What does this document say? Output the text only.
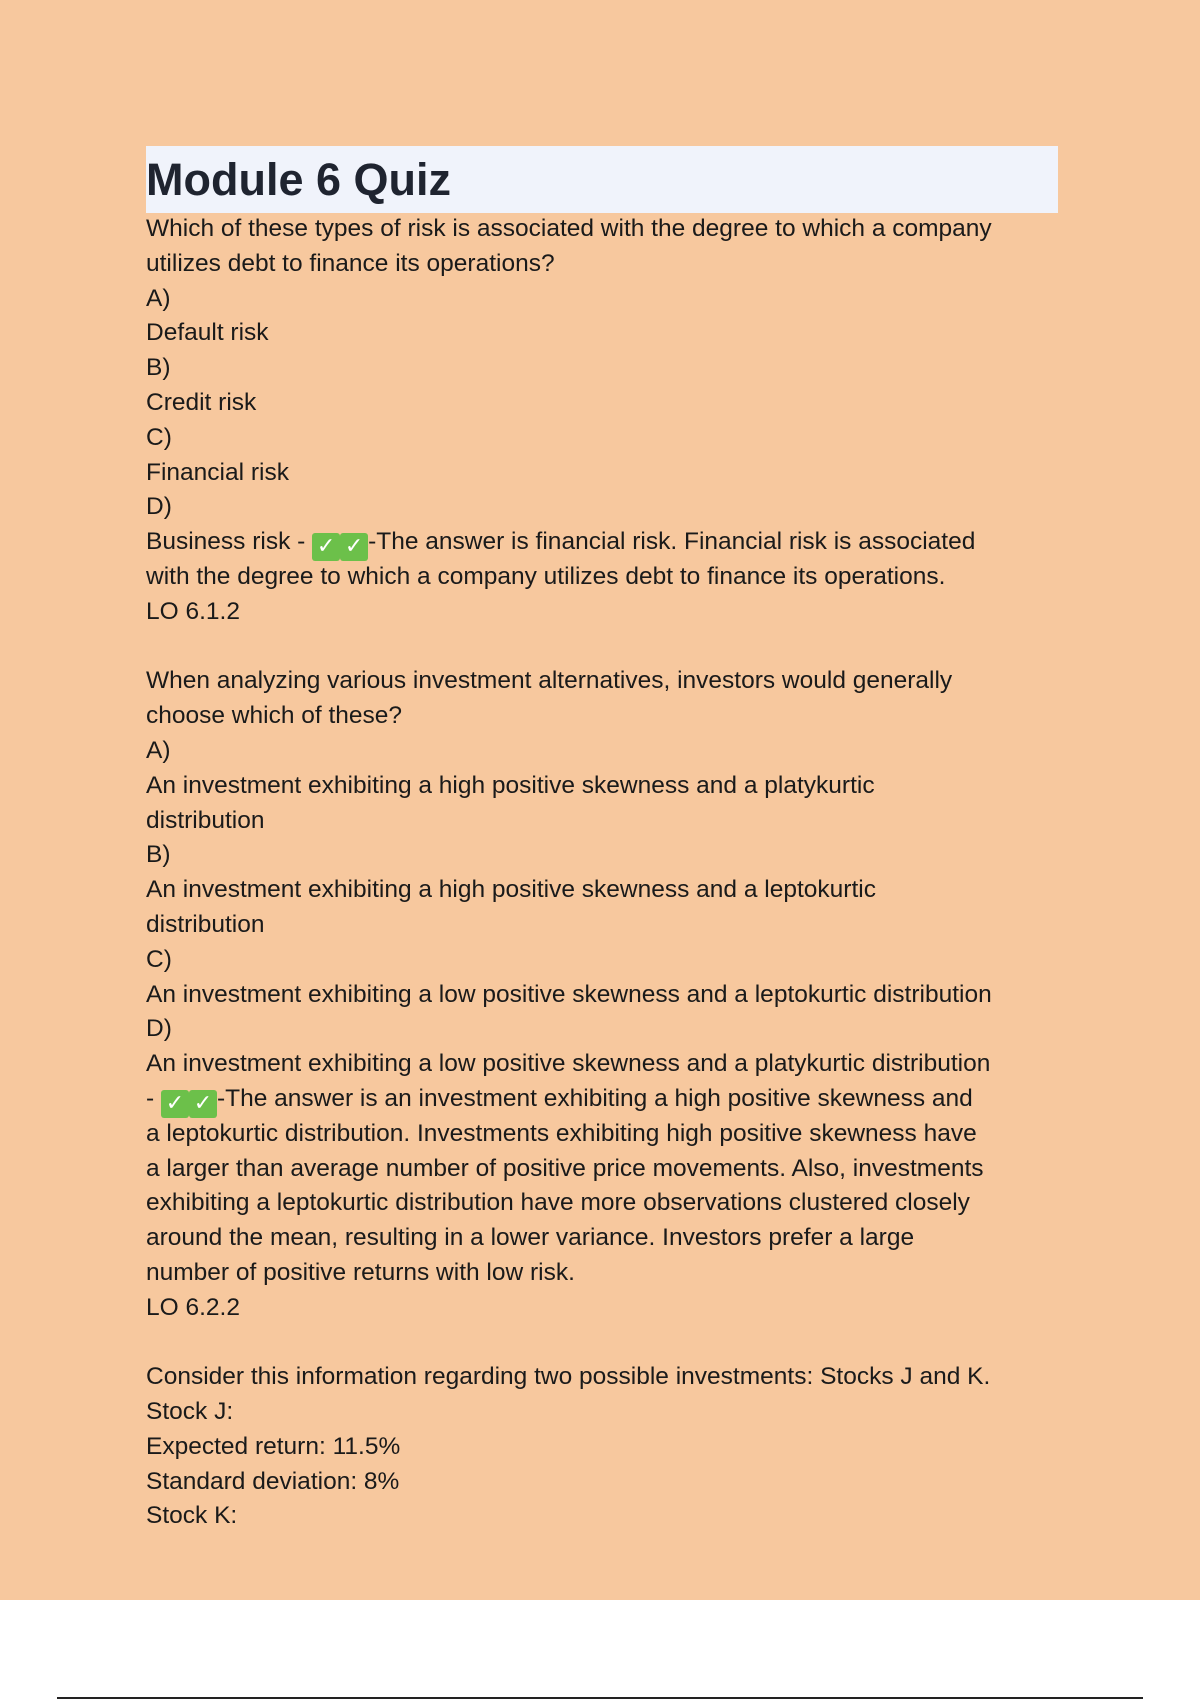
Module 6 Quiz
Which of these types of risk is associated with the degree to which a company
utilizes debt to finance its operations?
A)
Default risk
B)
Credit risk
C)
Financial risk
D)
Business risk - ✓ ✓ -The answer is financial risk. Financial risk is associated
with the degree to which a company utilizes debt to finance its operations.
LO 6.1.2
When analyzing various investment alternatives, investors would generally
choose which of these?
A)
An investment exhibiting a high positive skewness and a platykurtic
distribution
B)
An investment exhibiting a high positive skewness and a leptokurtic
distribution
C)
An investment exhibiting a low positive skewness and a leptokurtic distribution
D)
An investment exhibiting a low positive skewness and a platykurtic distribution
- ✓ ✓ -The answer is an investment exhibiting a high positive skewness and
a leptokurtic distribution. Investments exhibiting high positive skewness have
a larger than average number of positive price movements. Also, investments
exhibiting a leptokurtic distribution have more observations clustered closely
around the mean, resulting in a lower variance. Investors prefer a large
number of positive returns with low risk.
LO 6.2.2
Consider this information regarding two possible investments: Stocks J and K.
Stock J:
Expected return: 11.5%
Standard deviation: 8%
Stock K:
